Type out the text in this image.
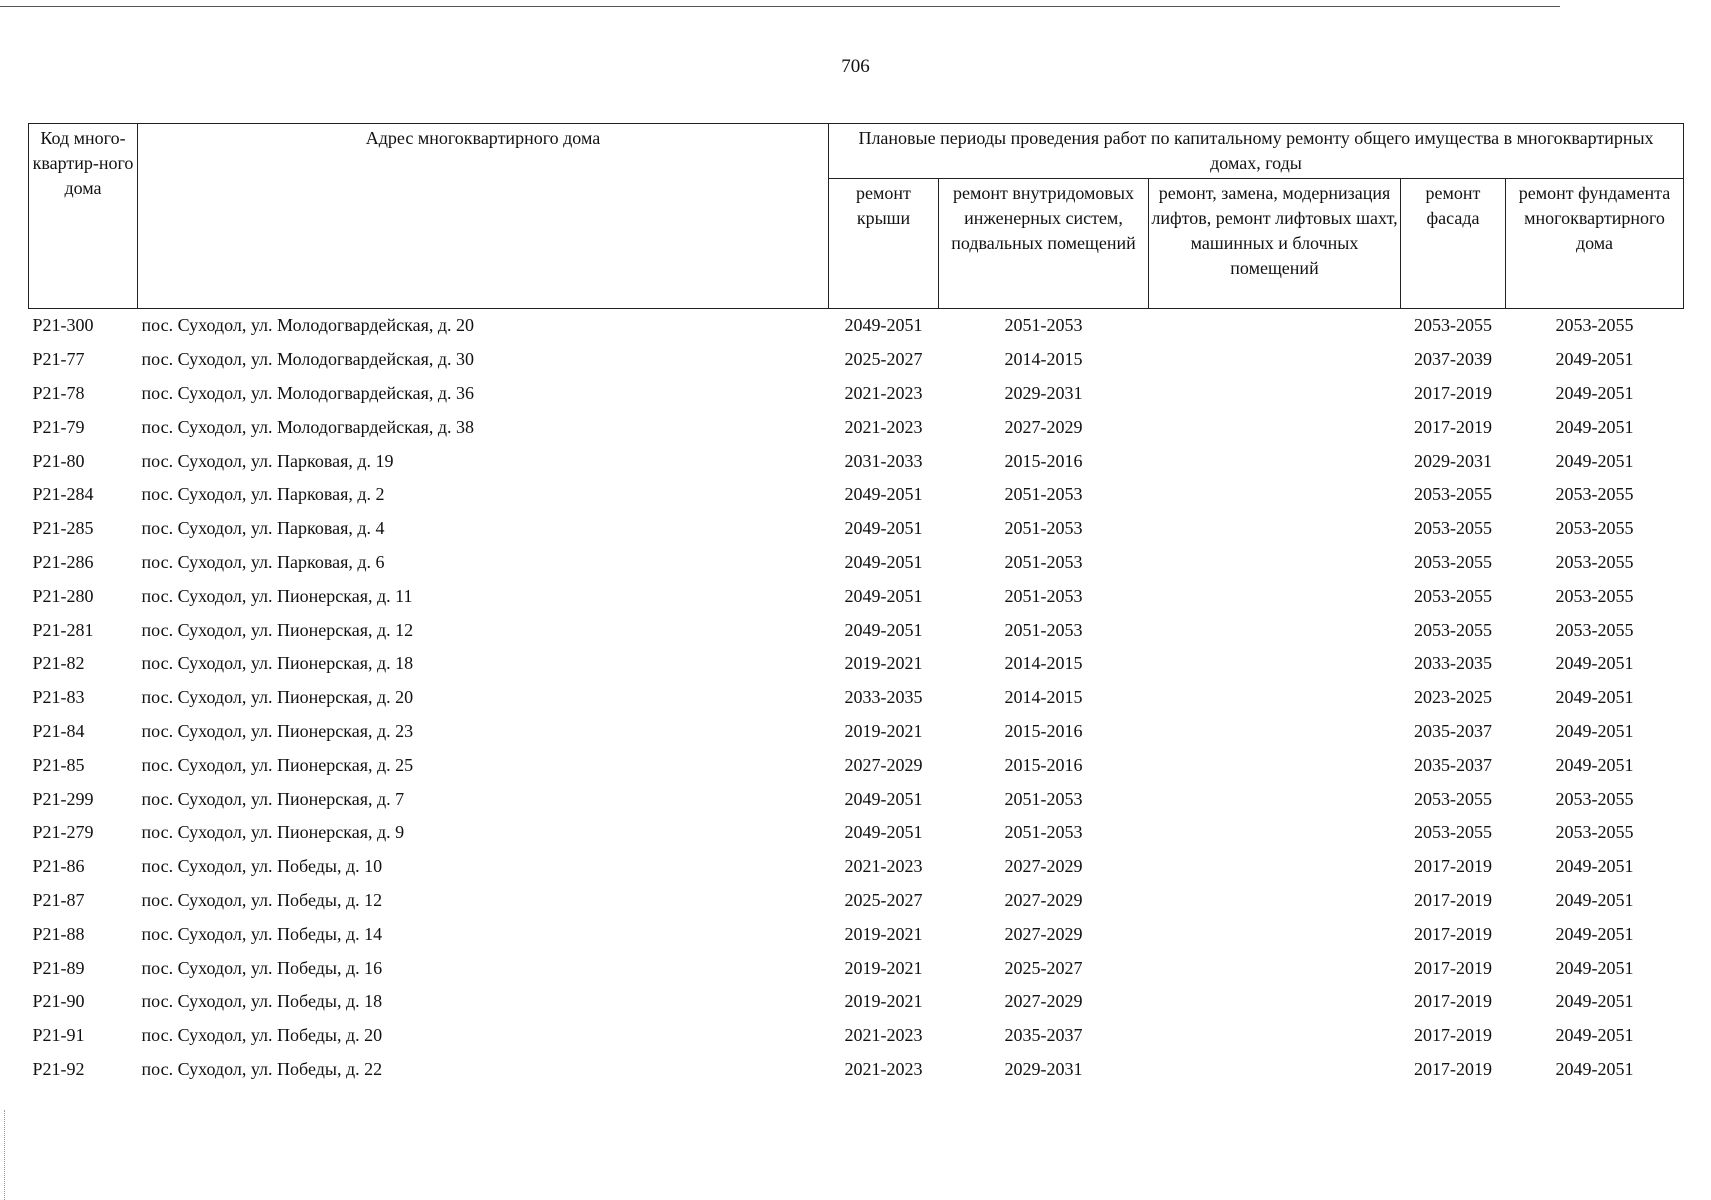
706
Код много-квартир-ного дома	Адрес многоквартирного дома	Плановые периоды проведения работ по капитальному ремонту общего имущества в многоквартирных домах, годы				
		ремонт крыши	ремонт внутридомовых инженерных систем, подвальных помещений	ремонт, замена, модернизация лифтов, ремонт лифтовых шахт, машинных и блочных помещений	ремонт фасада	ремонт фундамента многоквартирного дома
P21-300	пос. Суходол, ул. Молодогвардейская, д. 20	2049-2051	2051-2053		2053-2055	2053-2055
P21-77	пос. Суходол, ул. Молодогвардейская, д. 30	2025-2027	2014-2015		2037-2039	2049-2051
P21-78	пос. Суходол, ул. Молодогвардейская, д. 36	2021-2023	2029-2031		2017-2019	2049-2051
P21-79	пос. Суходол, ул. Молодогвардейская, д. 38	2021-2023	2027-2029		2017-2019	2049-2051
P21-80	пос. Суходол, ул. Парковая, д. 19	2031-2033	2015-2016		2029-2031	2049-2051
P21-284	пос. Суходол, ул. Парковая, д. 2	2049-2051	2051-2053		2053-2055	2053-2055
P21-285	пос. Суходол, ул. Парковая, д. 4	2049-2051	2051-2053		2053-2055	2053-2055
P21-286	пос. Суходол, ул. Парковая, д. 6	2049-2051	2051-2053		2053-2055	2053-2055
P21-280	пос. Суходол, ул. Пионерская, д. 11	2049-2051	2051-2053		2053-2055	2053-2055
P21-281	пос. Суходол, ул. Пионерская, д. 12	2049-2051	2051-2053		2053-2055	2053-2055
P21-82	пос. Суходол, ул. Пионерская, д. 18	2019-2021	2014-2015		2033-2035	2049-2051
P21-83	пос. Суходол, ул. Пионерская, д. 20	2033-2035	2014-2015		2023-2025	2049-2051
P21-84	пос. Суходол, ул. Пионерская, д. 23	2019-2021	2015-2016		2035-2037	2049-2051
P21-85	пос. Суходол, ул. Пионерская, д. 25	2027-2029	2015-2016		2035-2037	2049-2051
P21-299	пос. Суходол, ул. Пионерская, д. 7	2049-2051	2051-2053		2053-2055	2053-2055
P21-279	пос. Суходол, ул. Пионерская, д. 9	2049-2051	2051-2053		2053-2055	2053-2055
P21-86	пос. Суходол, ул. Победы, д. 10	2021-2023	2027-2029		2017-2019	2049-2051
P21-87	пос. Суходол, ул. Победы, д. 12	2025-2027	2027-2029		2017-2019	2049-2051
P21-88	пос. Суходол, ул. Победы, д. 14	2019-2021	2027-2029		2017-2019	2049-2051
P21-89	пос. Суходол, ул. Победы, д. 16	2019-2021	2025-2027		2017-2019	2049-2051
P21-90	пос. Суходол, ул. Победы, д. 18	2019-2021	2027-2029		2017-2019	2049-2051
P21-91	пос. Суходол, ул. Победы, д. 20	2021-2023	2035-2037		2017-2019	2049-2051
P21-92	пос. Суходол, ул. Победы, д. 22	2021-2023	2029-2031		2017-2019	2049-2051
